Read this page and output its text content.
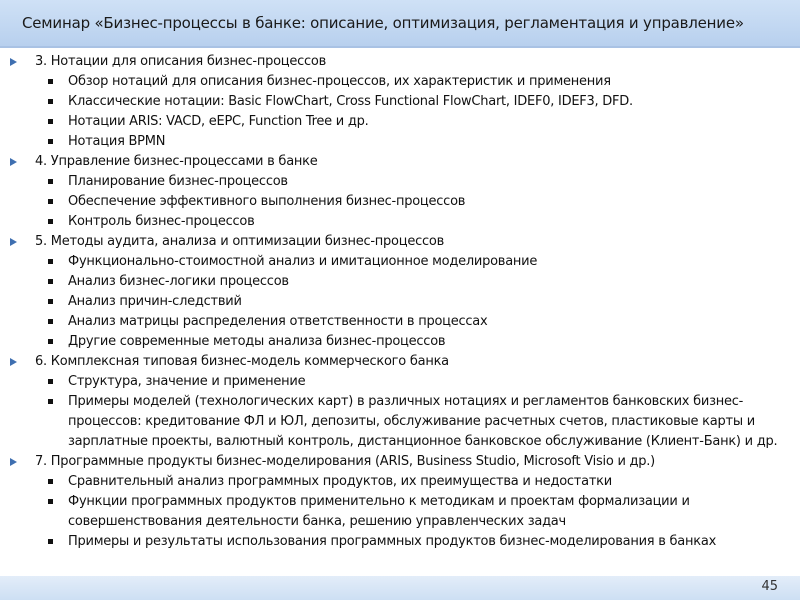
Семинар «Бизнес-процессы в банке: описание, оптимизация, регламентация и управление»
3. Нотации для описания бизнес-процессов
Обзор нотаций для описания бизнес-процессов, их характеристик и применения
Классические нотации: Basic FlowChart, Cross Functional FlowChart, IDEF0, IDEF3, DFD.
Нотации ARIS: VACD, eEPC, Function Tree и др.
Нотация BPMN
4. Управление бизнес-процессами в банке
Планирование бизнес-процессов
Обеспечение эффективного выполнения бизнес-процессов
Контроль бизнес-процессов
5. Методы аудита, анализа и оптимизации бизнес-процессов
Функционально-стоимостной анализ и имитационное моделирование
Анализ бизнес-логики процессов
Анализ причин-следствий
Анализ матрицы распределения ответственности в процессах
Другие современные методы анализа бизнес-процессов
6. Комплексная типовая бизнес-модель коммерческого банка
Структура, значение и применение
Примеры моделей (технологических карт) в различных нотациях и регламентов банковских бизнес-процессов: кредитование ФЛ и ЮЛ, депозиты, обслуживание расчетных счетов, пластиковые карты и зарплатные проекты, валютный контроль, дистанционное банковское обслуживание (Клиент-Банк) и др.
7. Программные продукты бизнес-моделирования (ARIS, Business Studio, Microsoft Visio и др.)
Сравнительный анализ программных продуктов, их преимущества и недостатки
Функции программных продуктов применительно к методикам и проектам формализации и совершенствования деятельности банка, решению управленческих задач
Примеры и результаты использования программных продуктов бизнес-моделирования в банках
45
